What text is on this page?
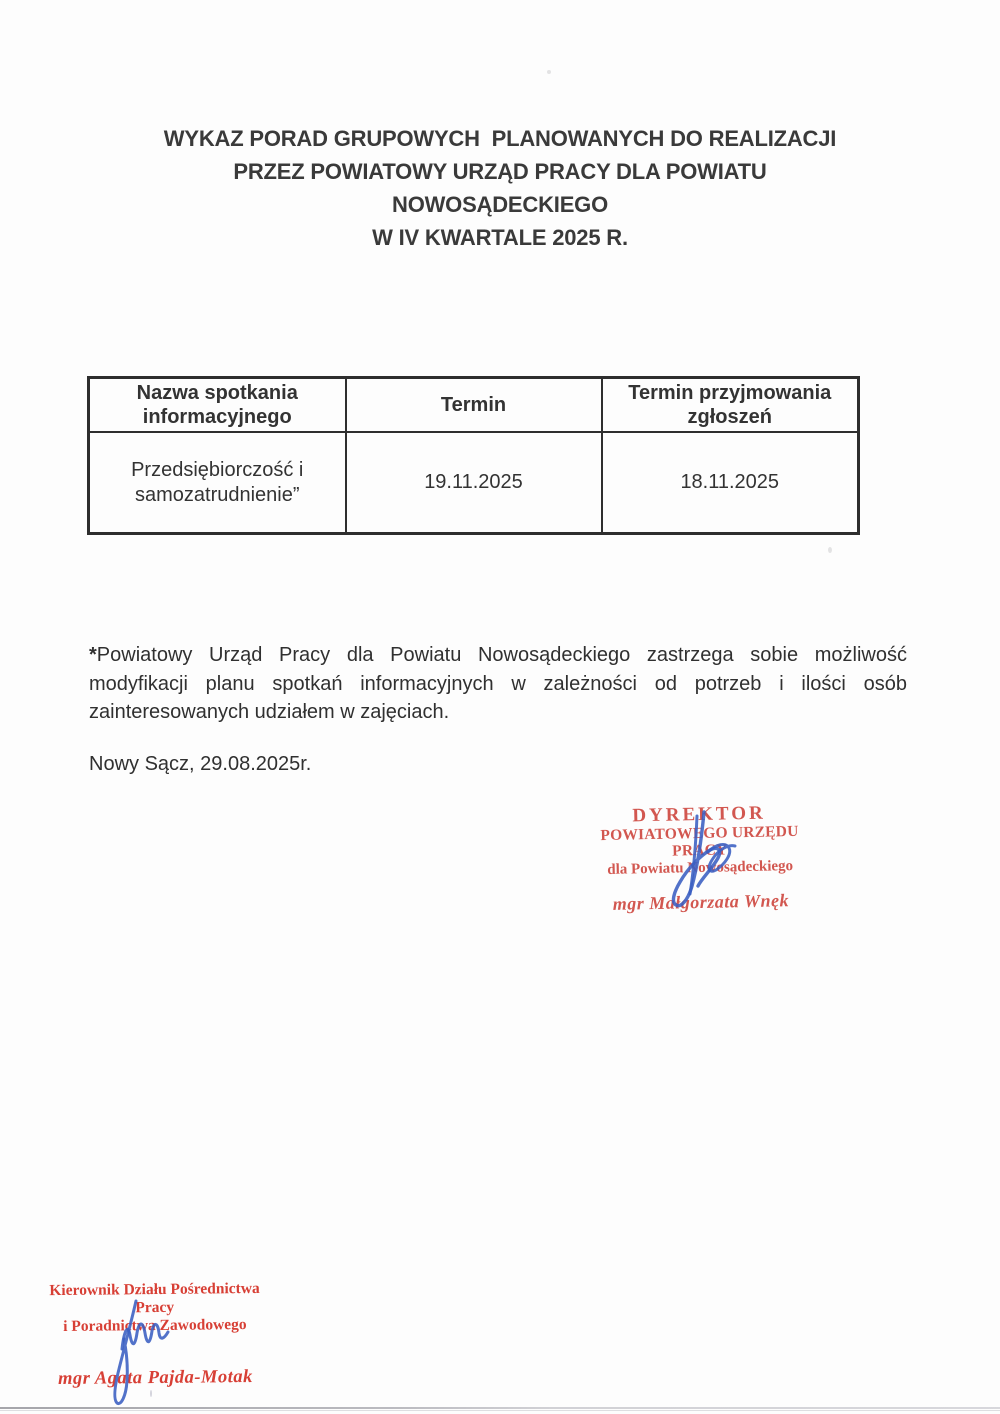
WYKAZ PORAD GRUPOWYCH  PLANOWANYCH DO REALIZACJI
PRZEZ POWIATOWY URZĄD PRACY DLA POWIATU
NOWOSĄDECKIEGO
W IV KWARTALE 2025 R.
Nazwa spotkania informacyjnego	Termin	Termin przyjmowania zgłoszeń
Przedsiębiorczość i samozatrudnienie”	19.11.2025	18.11.2025
*Powiatowy Urząd Pracy dla Powiatu Nowosądeckiego zastrzega sobie możliwość modyfikacji planu spotkań informacyjnych w zależności od potrzeb i ilości osób zainteresowanych udziałem w zajęciach.
Nowy Sącz, 29.08.2025r.
DYREKTOR
POWIATOWEGO URZĘDU PRACY
dla Powiatu Nowosądeckiego
mgr Małgorzata Wnęk
Kierownik Działu Pośrednictwa Pracy
i Poradnictwa Zawodowego
mgr Agata Pajda-Motak
